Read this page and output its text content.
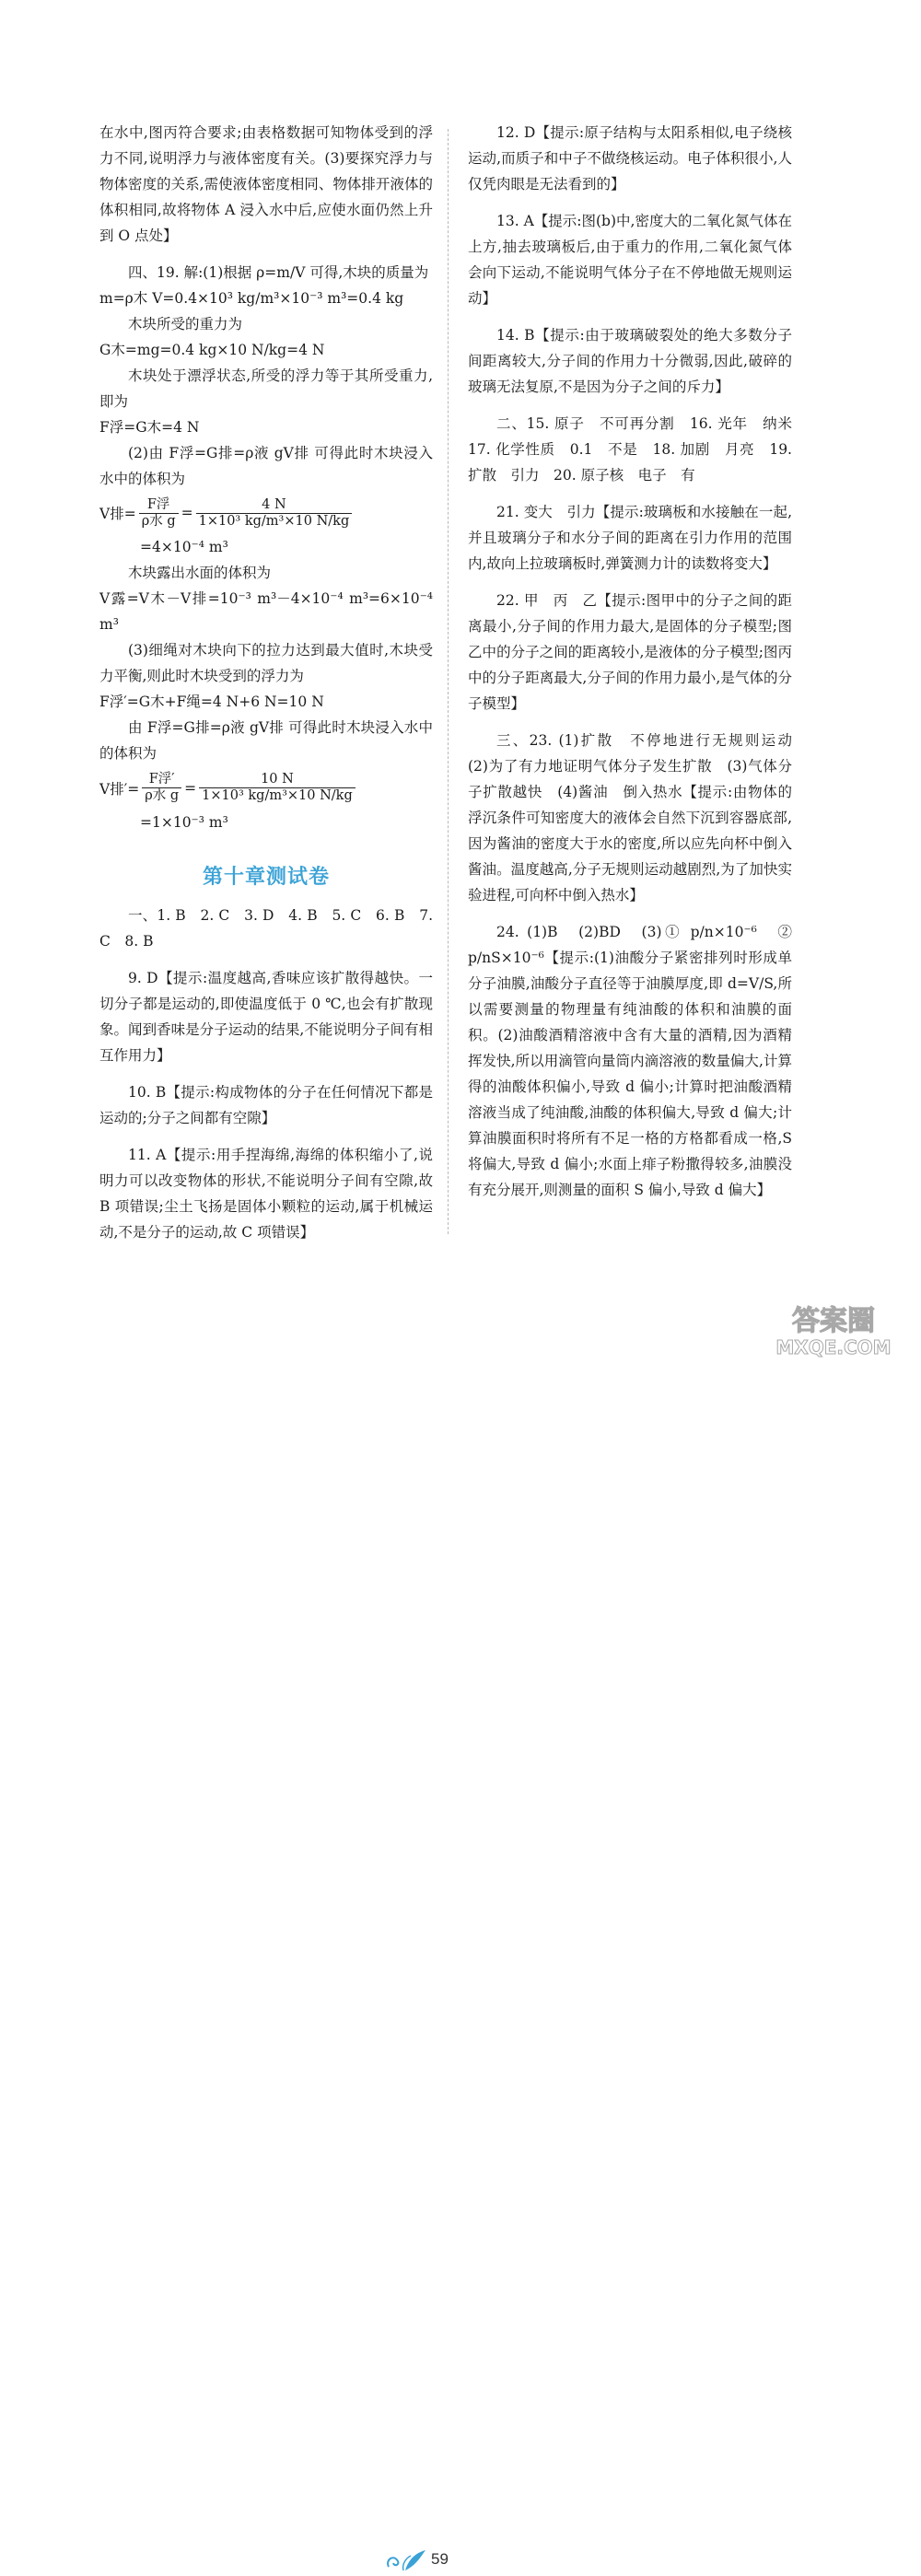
在水中,图丙符合要求;由表格数据可知物体受到的浮力不同,说明浮力与液体密度有关。(3)要探究浮力与物体密度的关系,需使液体密度相同、物体排开液体的体积相同,故将物体 A 浸入水中后,应使水面仍然上升到 O 点处】

四、19. 解:(1)根据 ρ=m/V 可得,木块的质量为

m=ρ木 V=0.4×10³ kg/m³×10⁻³ m³=0.4 kg

木块所受的重力为

G木=mg=0.4 kg×10 N/kg=4 N

木块处于漂浮状态,所受的浮力等于其所受重力,即为

F浮=G木=4 N

(2)由 F浮=G排=ρ液 gV排 可得此时木块浸入水中的体积为

V排= $\frac{\text{F浮}}{\text{ρ水 g}} = \frac{4 N}{\text{1×10³ kg/m³×10 N/kg}}$

=4×10⁻⁴ m³

木块露出水面的体积为

V露=V木－V排=10⁻³ m³－4×10⁻⁴ m³=6×10⁻⁴ m³

(3)细绳对木块向下的拉力达到最大值时,木块受力平衡,则此时木块受到的浮力为

F浮′=G木+F绳=4 N+6 N=10 N

由 F浮=G排=ρ液 gV排 可得此时木块浸入水中的体积为

V排′= $\frac{\text{F浮′}}{\text{ρ水 g}} = \frac{10 N}{\text{1×10³ kg/m³×10 N/kg}}$

=1×10⁻³ m³

第十章测试卷

一、1. B　2. C　3. D　4. B　5. C　6. B　7. C　8. B

9. D【提示:温度越高,香味应该扩散得越快。一切分子都是运动的,即使温度低于 0 ℃,也会有扩散现象。闻到香味是分子运动的结果,不能说明分子间有相互作用力】

10. B【提示:构成物体的分子在任何情况下都是运动的;分子之间都有空隙】

11. A【提示:用手捏海绵,海绵的体积缩小了,说明力可以改变物体的形状,不能说明分子间有空隙,故 B 项错误;尘土飞扬是固体小颗粒的运动,属于机械运动,不是分子的运动,故 C 项错误】

12. D【提示:原子结构与太阳系相似,电子绕核运动,而质子和中子不做绕核运动。电子体积很小,人仅凭肉眼是无法看到的】

13. A【提示:图(b)中,密度大的二氧化氮气体在上方,抽去玻璃板后,由于重力的作用,二氧化氮气体会向下运动,不能说明气体分子在不停地做无规则运动】

14. B【提示:由于玻璃破裂处的绝大多数分子间距离较大,分子间的作用力十分微弱,因此,破碎的玻璃无法复原,不是因为分子之间的斥力】

二、15. 原子　不可再分割　16. 光年　纳米　17. 化学性质　0.1　不是　18. 加剧　月亮　19. 扩散　引力　20. 原子核　电子　有

21. 变大　引力【提示:玻璃板和水接触在一起,并且玻璃分子和水分子间的距离在引力作用的范围内,故向上拉玻璃板时,弹簧测力计的读数将变大】

22. 甲　丙　乙【提示:图甲中的分子之间的距离最小,分子间的作用力最大,是固体的分子模型;图乙中的分子之间的距离较小,是液体的分子模型;图丙中的分子距离最大,分子间的作用力最小,是气体的分子模型】

三、23. (1)扩散　不停地进行无规则运动　(2)为了有力地证明气体分子发生扩散　(3)气体分子扩散越快　(4)酱油　倒入热水【提示:由物体的浮沉条件可知密度大的液体会自然下沉到容器底部,因为酱油的密度大于水的密度,所以应先向杯中倒入酱油。温度越高,分子无规则运动越剧烈,为了加快实验进程,可向杯中倒入热水】

24. (1)B　(2)BD　(3)① p/n×10⁻⁶　② p/nS×10⁻⁶【提示:(1)油酸分子紧密排列时形成单分子油膜,油酸分子直径等于油膜厚度,即 d=V/S,所以需要测量的物理量有纯油酸的体积和油膜的面积。(2)油酸酒精溶液中含有大量的酒精,因为酒精挥发快,所以用滴管向量筒内滴溶液的数量偏大,计算得的油酸体积偏小,导致 d 偏小;计算时把油酸酒精溶液当成了纯油酸,油酸的体积偏大,导致 d 偏大;计算油膜面积时将所有不足一格的方格都看成一格,S 将偏大,导致 d 偏小;水面上痱子粉撒得较多,油膜没有充分展开,则测量的面积 S 偏小,导致 d 偏大】

59
答案圈
MXQE.COM
